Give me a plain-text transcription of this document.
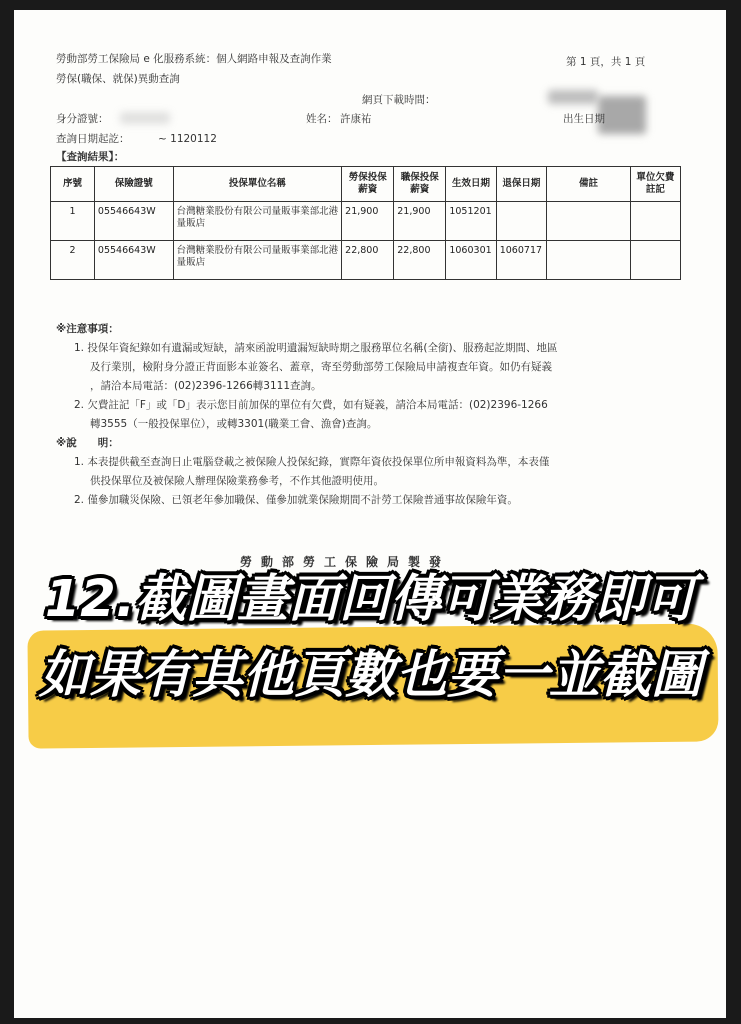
勞動部勞工保險局 e 化服務系統：個人網路申報及查詢作業
勞保(職保、就保)異動查詢
第 1 頁，共 1 頁
網頁下載時間：
身分證號：	姓名： 許康祐	出生日期
查詢日期起訖：	~ 1120112
【查詢結果】：
序號	保險證號	投保單位名稱	勞保投保薪資	職保投保薪資	生效日期	退保日期	備註	單位欠費註記
1	05546643W	台灣糖業股份有限公司量販事業部北港量販店	21,900	21,900	1051201			
2	05546643W	台灣糖業股份有限公司量販事業部北港量販店	22,800	22,800	1060301	1060717		

※注意事項：

1. 投保年資紀錄如有遺漏或短缺，請來函說明遺漏短缺時期之服務單位名稱(全銜)、服務起訖期間、地區

及行業別，檢附身分證正背面影本並簽名、蓋章，寄至勞動部勞工保險局申請複查年資。如仍有疑義

，請洽本局電話：(02)2396-1266轉3111查詢。

2. 欠費註記「F」或「D」表示您目前加保的單位有欠費，如有疑義，請洽本局電話：(02)2396-1266

轉3555（一般投保單位），或轉3301(職業工會、漁會)查詢。

※說　　明：

1. 本表提供截至查詢日止電腦登載之被保險人投保紀錄，實際年資依投保單位所申報資料為準，本表僅

供投保單位及被保險人辦理保險業務參考，不作其他證明使用。

2. 僅參加職災保險、已領老年參加職保、僅參加就業保險期間不計勞工保險普通事故保險年資。

勞動部勞工保險局製發
12.截圖畫面回傳可業務即可
如果有其他頁數也要一並截圖
